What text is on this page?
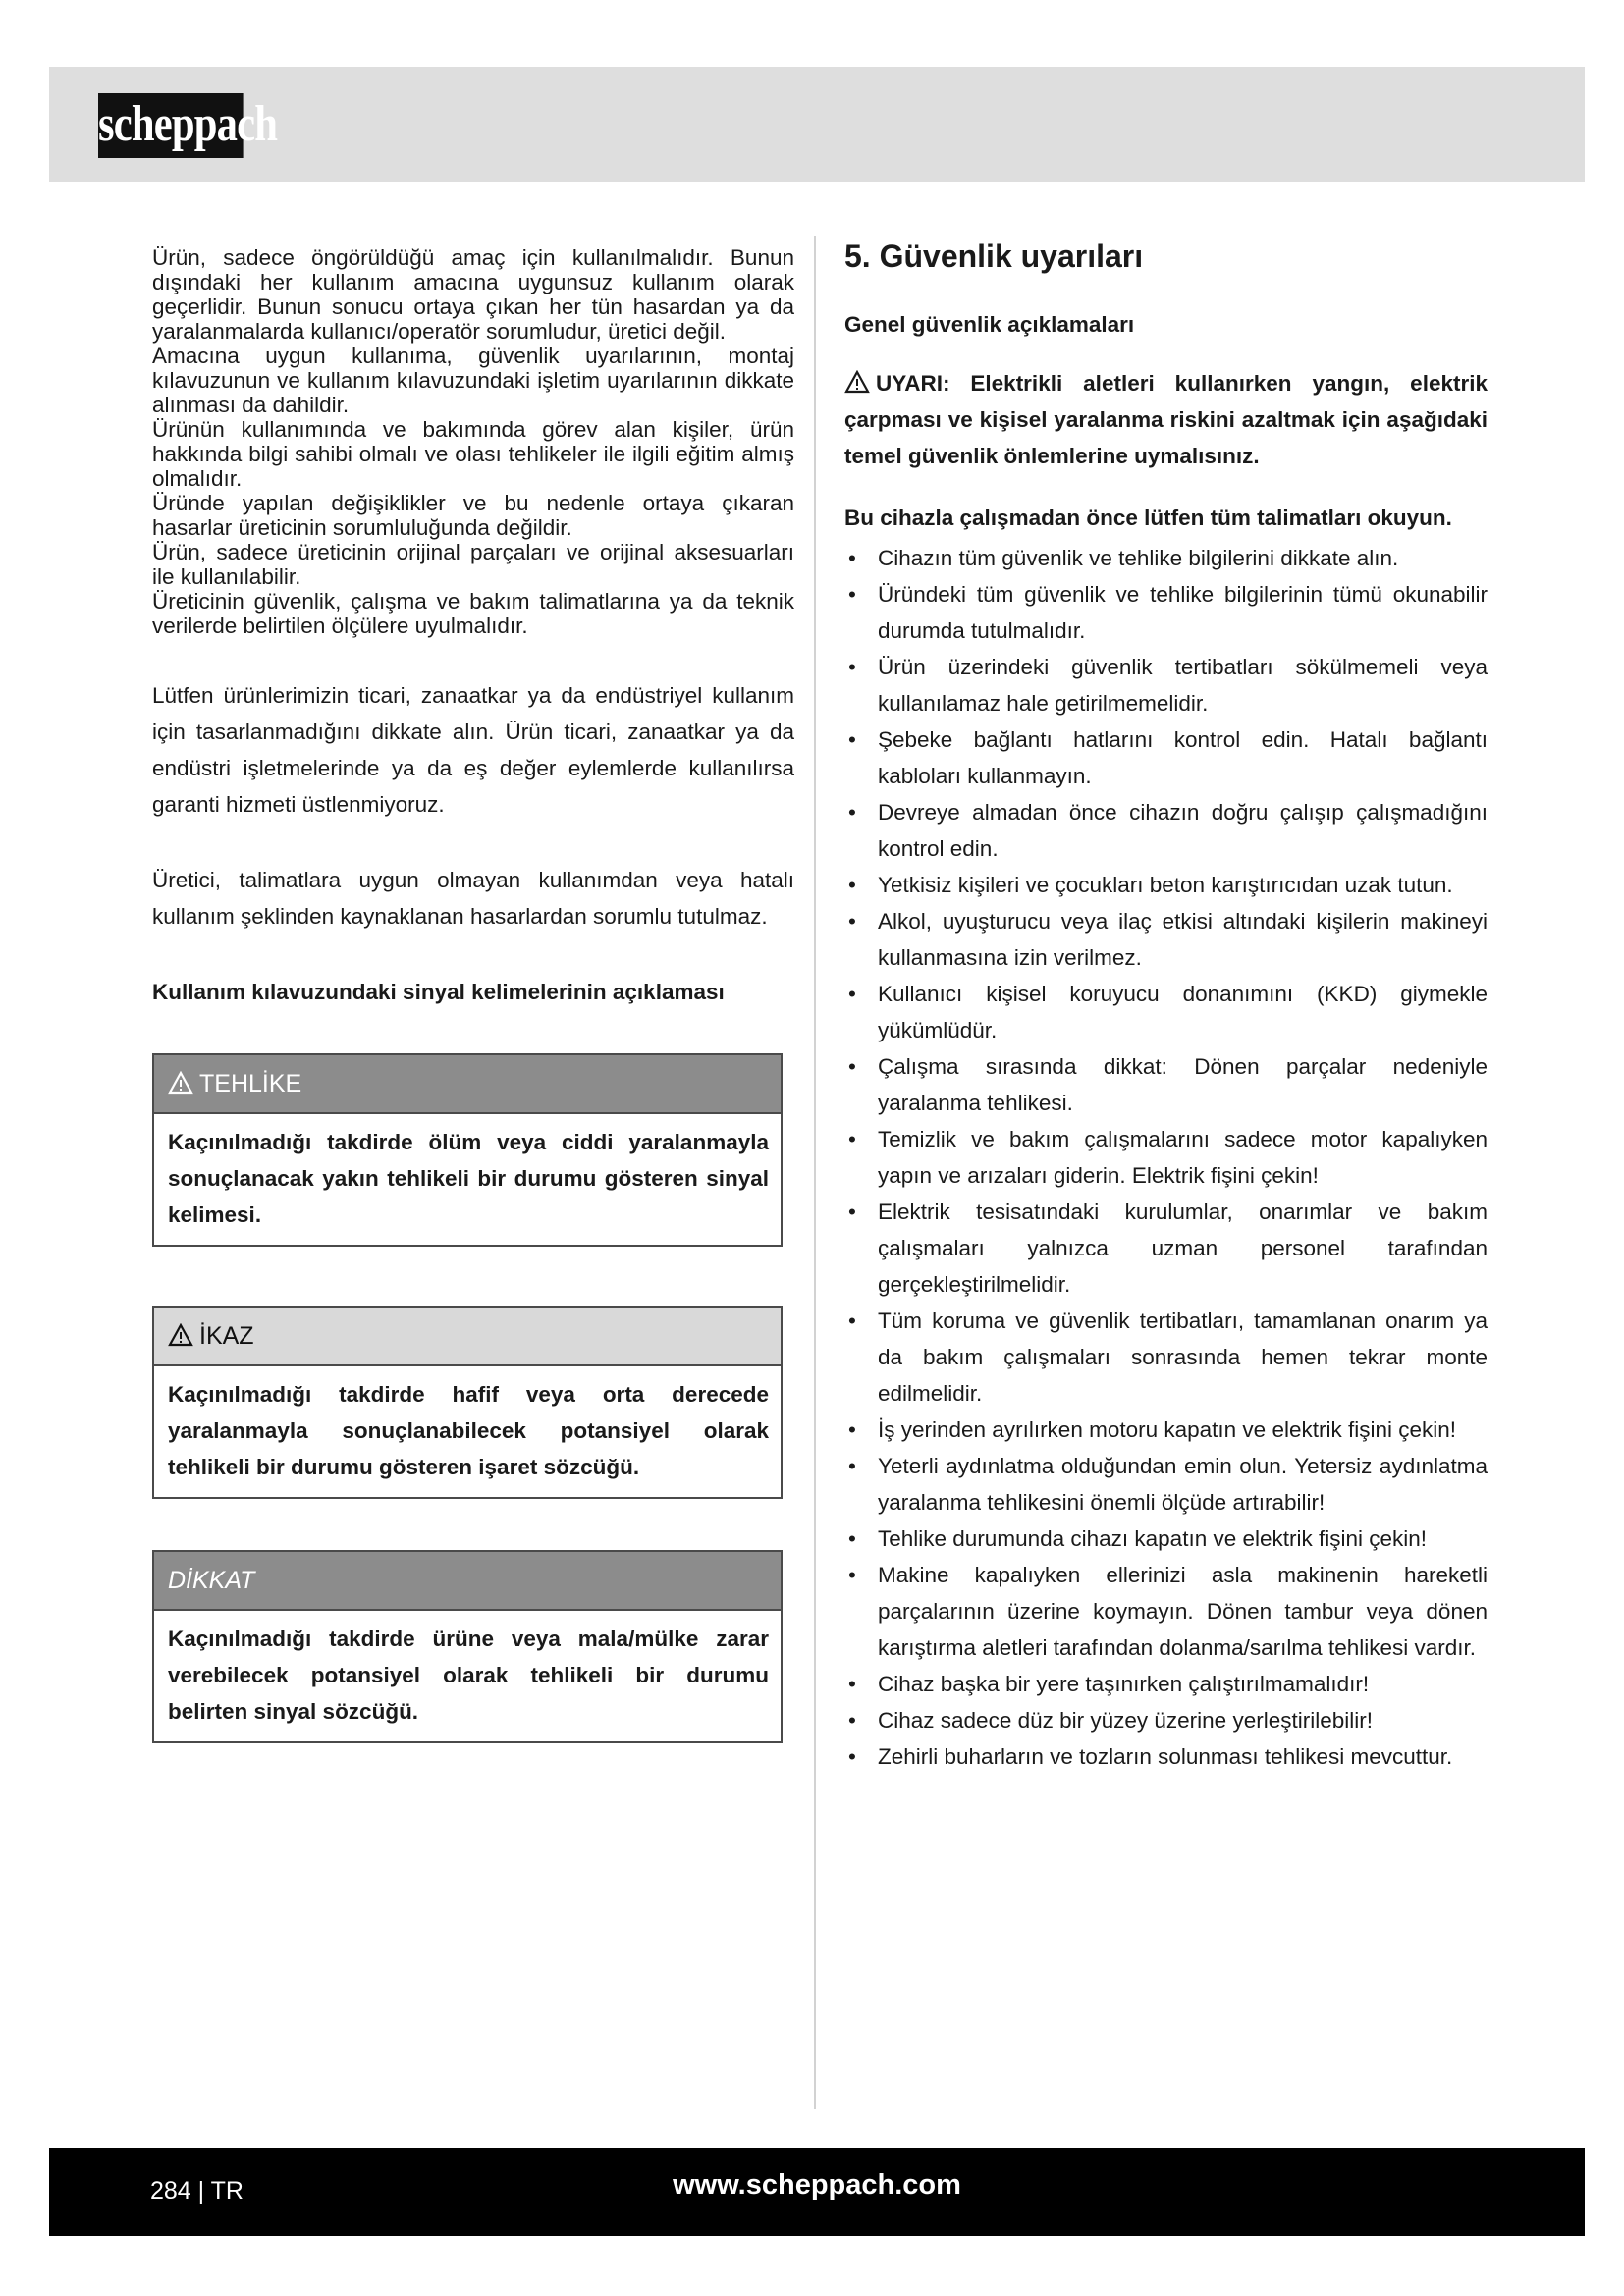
scheppach

Ürün, sadece öngörüldüğü amaç için kullanılmalıdır. Bunun dışındaki her kullanım amacına uygunsuz kullanım olarak geçerlidir. Bunun sonucu ortaya çıkan her tün hasardan ya da yaralanmalarda kullanıcı/operatör sorumludur, üretici değil.

Amacına uygun kullanıma, güvenlik uyarılarının, montaj kılavuzunun ve kullanım kılavuzundaki işletim uyarılarının dikkate alınması da dahildir.

Ürünün kullanımında ve bakımında görev alan kişiler, ürün hakkında bilgi sahibi olmalı ve olası tehlikeler ile ilgili eğitim almış olmalıdır.

Üründe yapılan değişiklikler ve bu nedenle ortaya çıkaran hasarlar üreticinin sorumluluğunda değildir.

Ürün, sadece üreticinin orijinal parçaları ve orijinal aksesuarları ile kullanılabilir.

Üreticinin güvenlik, çalışma ve bakım talimatlarına ya da teknik verilerde belirtilen ölçülere uyulmalıdır.

Lütfen ürünlerimizin ticari, zanaatkar ya da endüstriyel kullanım için tasarlanmadığını dikkate alın. Ürün ticari, zanaatkar ya da endüstri işletmelerinde ya da eş değer eylemlerde kullanılırsa garanti hizmeti üstlenmiyoruz.

Üretici, talimatlara uygun olmayan kullanımdan veya hatalı kullanım şeklinden kaynaklanan hasarlardan sorumlu tutulmaz.

Kullanım kılavuzundaki sinyal kelimelerinin açıklaması

TEHLİKE
Kaçınılmadığı takdirde ölüm veya ciddi yaralanmayla sonuçlanacak yakın tehlikeli bir durumu gösteren sinyal kelimesi.
İKAZ
Kaçınılmadığı takdirde hafif veya orta derecede yaralanmayla sonuçlanabilecek potansiyel olarak tehlikeli bir durumu gösteren işaret sözcüğü.
DİKKAT
Kaçınılmadığı takdirde ürüne veya mala/mülke zarar verebilecek potansiyel olarak tehlikeli bir durumu belirten sinyal sözcüğü.
5. Güvenlik uyarıları

Genel güvenlik açıklamaları

UYARI: Elektrikli aletleri kullanırken yangın, elektrik çarpması ve kişisel yaralanma riskini azaltmak için aşağıdaki temel güvenlik önlemlerine uymalısınız.

Bu cihazla çalışmadan önce lütfen tüm talimatları okuyun.

• Cihazın tüm güvenlik ve tehlike bilgilerini dikkate alın.
• Üründeki tüm güvenlik ve tehlike bilgilerinin tümü okunabilir durumda tutulmalıdır.
• Ürün üzerindeki güvenlik tertibatları sökülmemeli veya kullanılamaz hale getirilmemelidir.
• Şebeke bağlantı hatlarını kontrol edin. Hatalı bağlantı kabloları kullanmayın.
• Devreye almadan önce cihazın doğru çalışıp çalışmadığını kontrol edin.
• Yetkisiz kişileri ve çocukları beton karıştırıcıdan uzak tutun.
• Alkol, uyuşturucu veya ilaç etkisi altındaki kişilerin makineyi kullanmasına izin verilmez.
• Kullanıcı kişisel koruyucu donanımını (KKD) giymekle yükümlüdür.
• Çalışma sırasında dikkat: Dönen parçalar nedeniyle yaralanma tehlikesi.
• Temizlik ve bakım çalışmalarını sadece motor kapalıyken yapın ve arızaları giderin. Elektrik fişini çekin!
• Elektrik tesisatındaki kurulumlar, onarımlar ve bakım çalışmaları yalnızca uzman personel tarafından gerçekleştirilmelidir.
• Tüm koruma ve güvenlik tertibatları, tamamlanan onarım ya da bakım çalışmaları sonrasında hemen tekrar monte edilmelidir.
• İş yerinden ayrılırken motoru kapatın ve elektrik fişini çekin!
• Yeterli aydınlatma olduğundan emin olun. Yetersiz aydınlatma yaralanma tehlikesini önemli ölçüde artırabilir!
• Tehlike durumunda cihazı kapatın ve elektrik fişini çekin!
• Makine kapalıyken ellerinizi asla makinenin hareketli parçalarının üzerine koymayın. Dönen tambur veya dönen karıştırma aletleri tarafından dolanma/sarılma tehlikesi vardır.
• Cihaz başka bir yere taşınırken çalıştırılmamalıdır!
• Cihaz sadece düz bir yüzey üzerine yerleştirilebilir!
• Zehirli buharların ve tozların solunması tehlikesi mevcuttur.
284 | TR	www.scheppach.com
